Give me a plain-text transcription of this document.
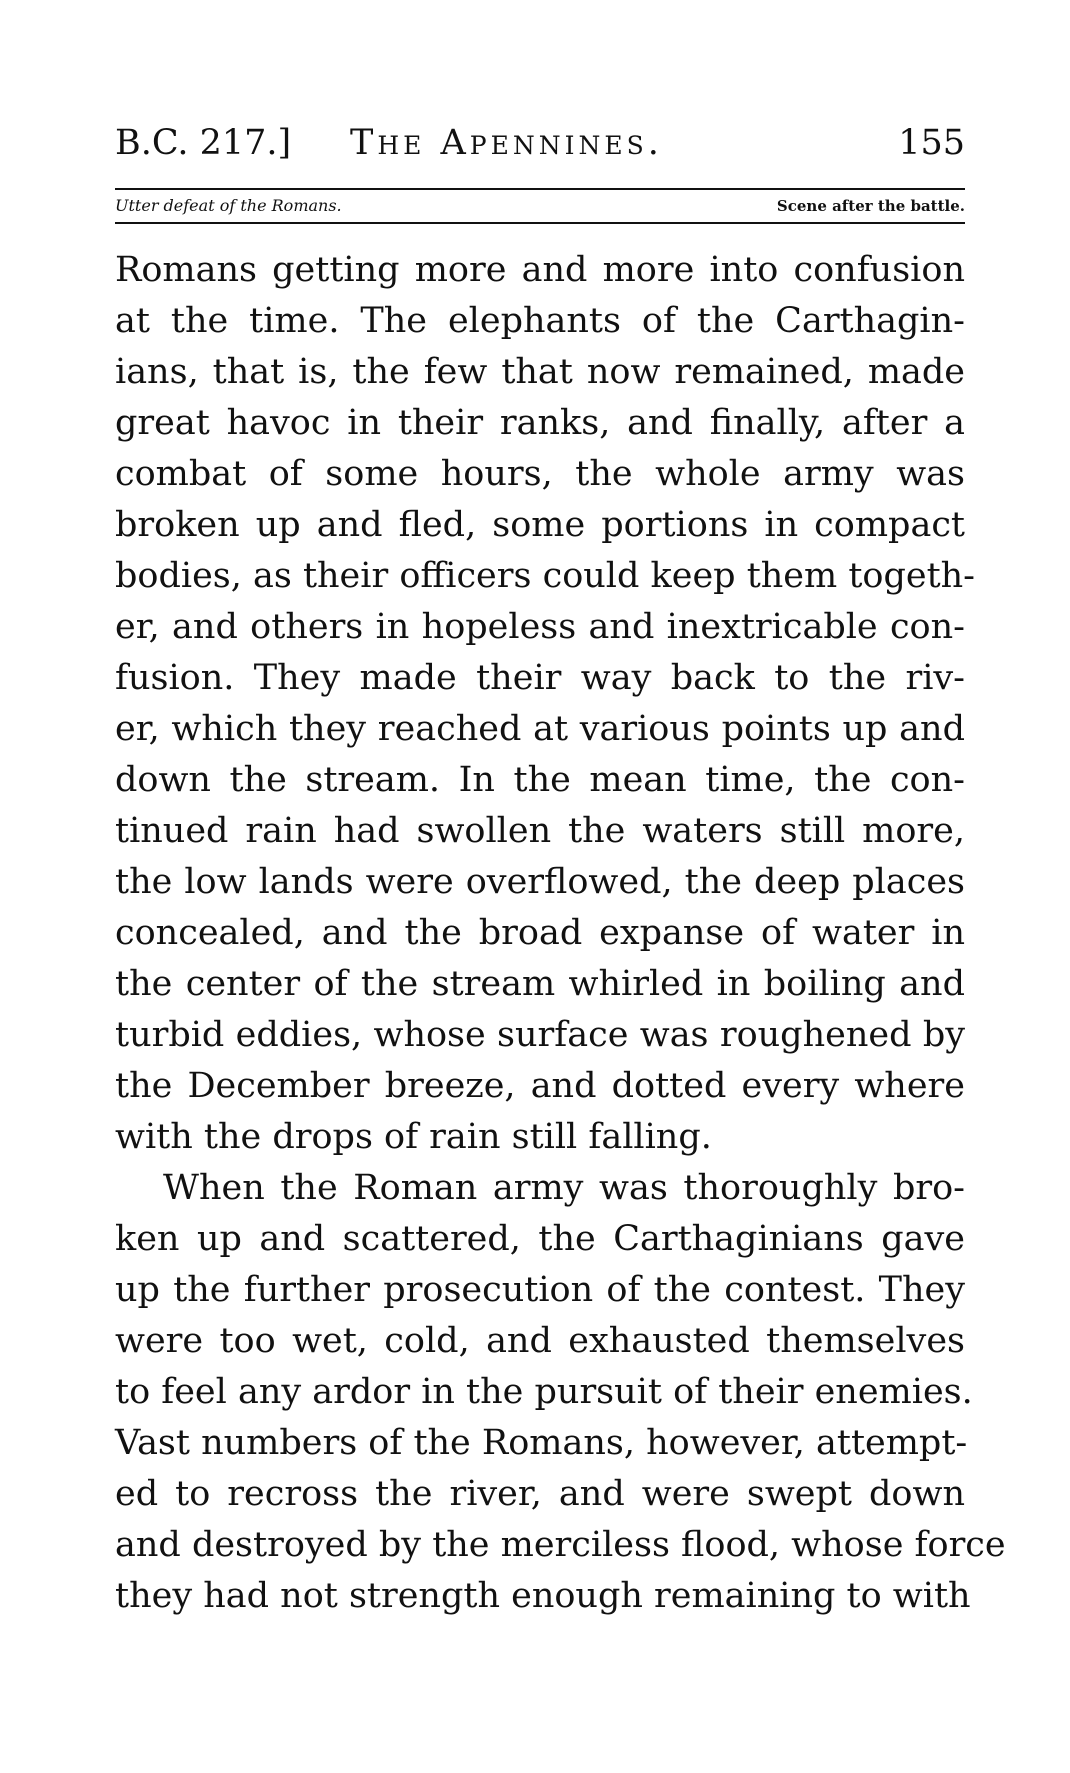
B.C. 217.] The Apennines.	155
Utter defeat of the Romans.	Scene after the battle.
Romans getting more and more into confusion
at the time. The elephants of the Carthagin-
ians, that is, the few that now remained, made
great havoc in their ranks, and finally, after a
combat of some hours, the whole army was
broken up and fled, some portions in compact
bodies, as their officers could keep them togeth-
er, and others in hopeless and inextricable con-
fusion. They made their way back to the riv-
er, which they reached at various points up and
down the stream. In the mean time, the con-
tinued rain had swollen the waters still more,
the low lands were overflowed, the deep places
concealed, and the broad expanse of water in
the center of the stream whirled in boiling and
turbid eddies, whose surface was roughened by
the December breeze, and dotted every where
with the drops of rain still falling.
When the Roman army was thoroughly bro-
ken up and scattered, the Carthaginians gave
up the further prosecution of the contest. They
were too wet, cold, and exhausted themselves
to feel any ardor in the pursuit of their enemies.
Vast numbers of the Romans, however, attempt-
ed to recross the river, and were swept down
and destroyed by the merciless flood, whose force
they had not strength enough remaining to with
